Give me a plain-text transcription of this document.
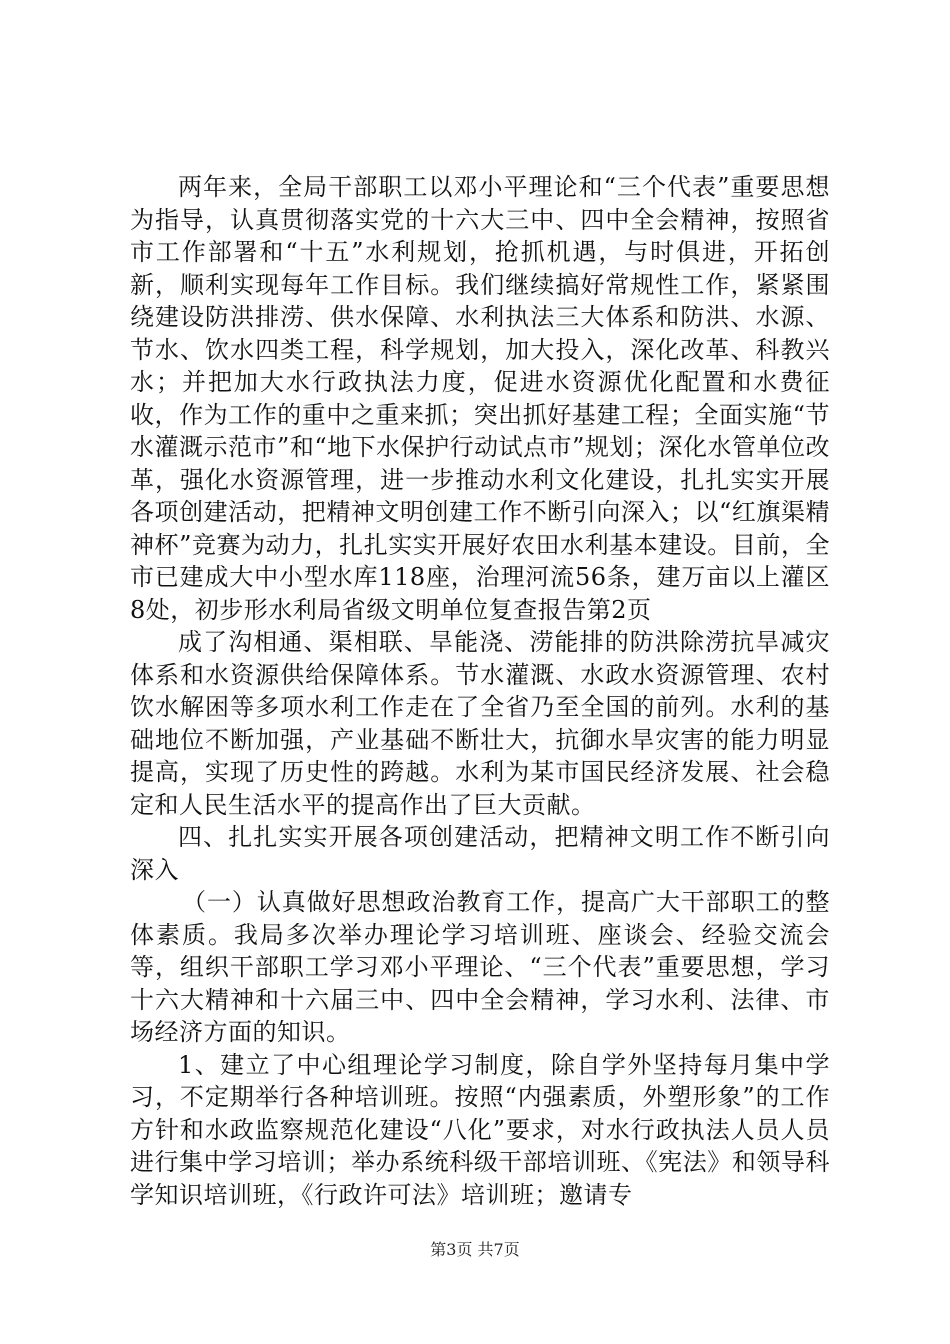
两年来，全局干部职工以邓小平理论和“三个代表”重要思想为指导，认真贯彻落实党的十六大三中、四中全会精神，按照省市工作部署和“十五”水利规划，抢抓机遇，与时俱进，开拓创新，顺利实现每年工作目标。我们继续搞好常规性工作，紧紧围绕建设防洪排涝、供水保障、水利执法三大体系和防洪、水源、节水、饮水四类工程，科学规划，加大投入，深化改革、科教兴水；并把加大水行政执法力度，促进水资源优化配置和水费征收，作为工作的重中之重来抓；突出抓好基建工程；全面实施“节水灌溉示范市”和“地下水保护行动试点市”规划；深化水管单位改革，强化水资源管理，进一步推动水利文化建设，扎扎实实开展各项创建活动，把精神文明创建工作不断引向深入；以“红旗渠精神杯”竞赛为动力，扎扎实实开展好农田水利基本建设。目前，全市已建成大中小型水库118座，治理河流56条，建万亩以上灌区8处，初步形水利局省级文明单位复查报告第2页

成了沟相通、渠相联、旱能浇、涝能排的防洪除涝抗旱减灾体系和水资源供给保障体系。节水灌溉、水政水资源管理、农村饮水解困等多项水利工作走在了全省乃至全国的前列。水利的基础地位不断加强，产业基础不断壮大，抗御水旱灾害的能力明显提高，实现了历史性的跨越。水利为某市国民经济发展、社会稳定和人民生活水平的提高作出了巨大贡献。

四、扎扎实实开展各项创建活动，把精神文明工作不断引向深入

（一）认真做好思想政治教育工作，提高广大干部职工的整体素质。我局多次举办理论学习培训班、座谈会、经验交流会等，组织干部职工学习邓小平理论、“三个代表”重要思想，学习十六大精神和十六届三中、四中全会精神，学习水利、法律、市场经济方面的知识。

1、建立了中心组理论学习制度，除自学外坚持每月集中学习，不定期举行各种培训班。按照“内强素质，外塑形象”的工作方针和水政监察规范化建设“八化”要求，对水行政执法人员人员进行集中学习培训；举办系统科级干部培训班、《宪法》和领导科学知识培训班，《行政许可法》培训班；邀请专

第3页 共7页
